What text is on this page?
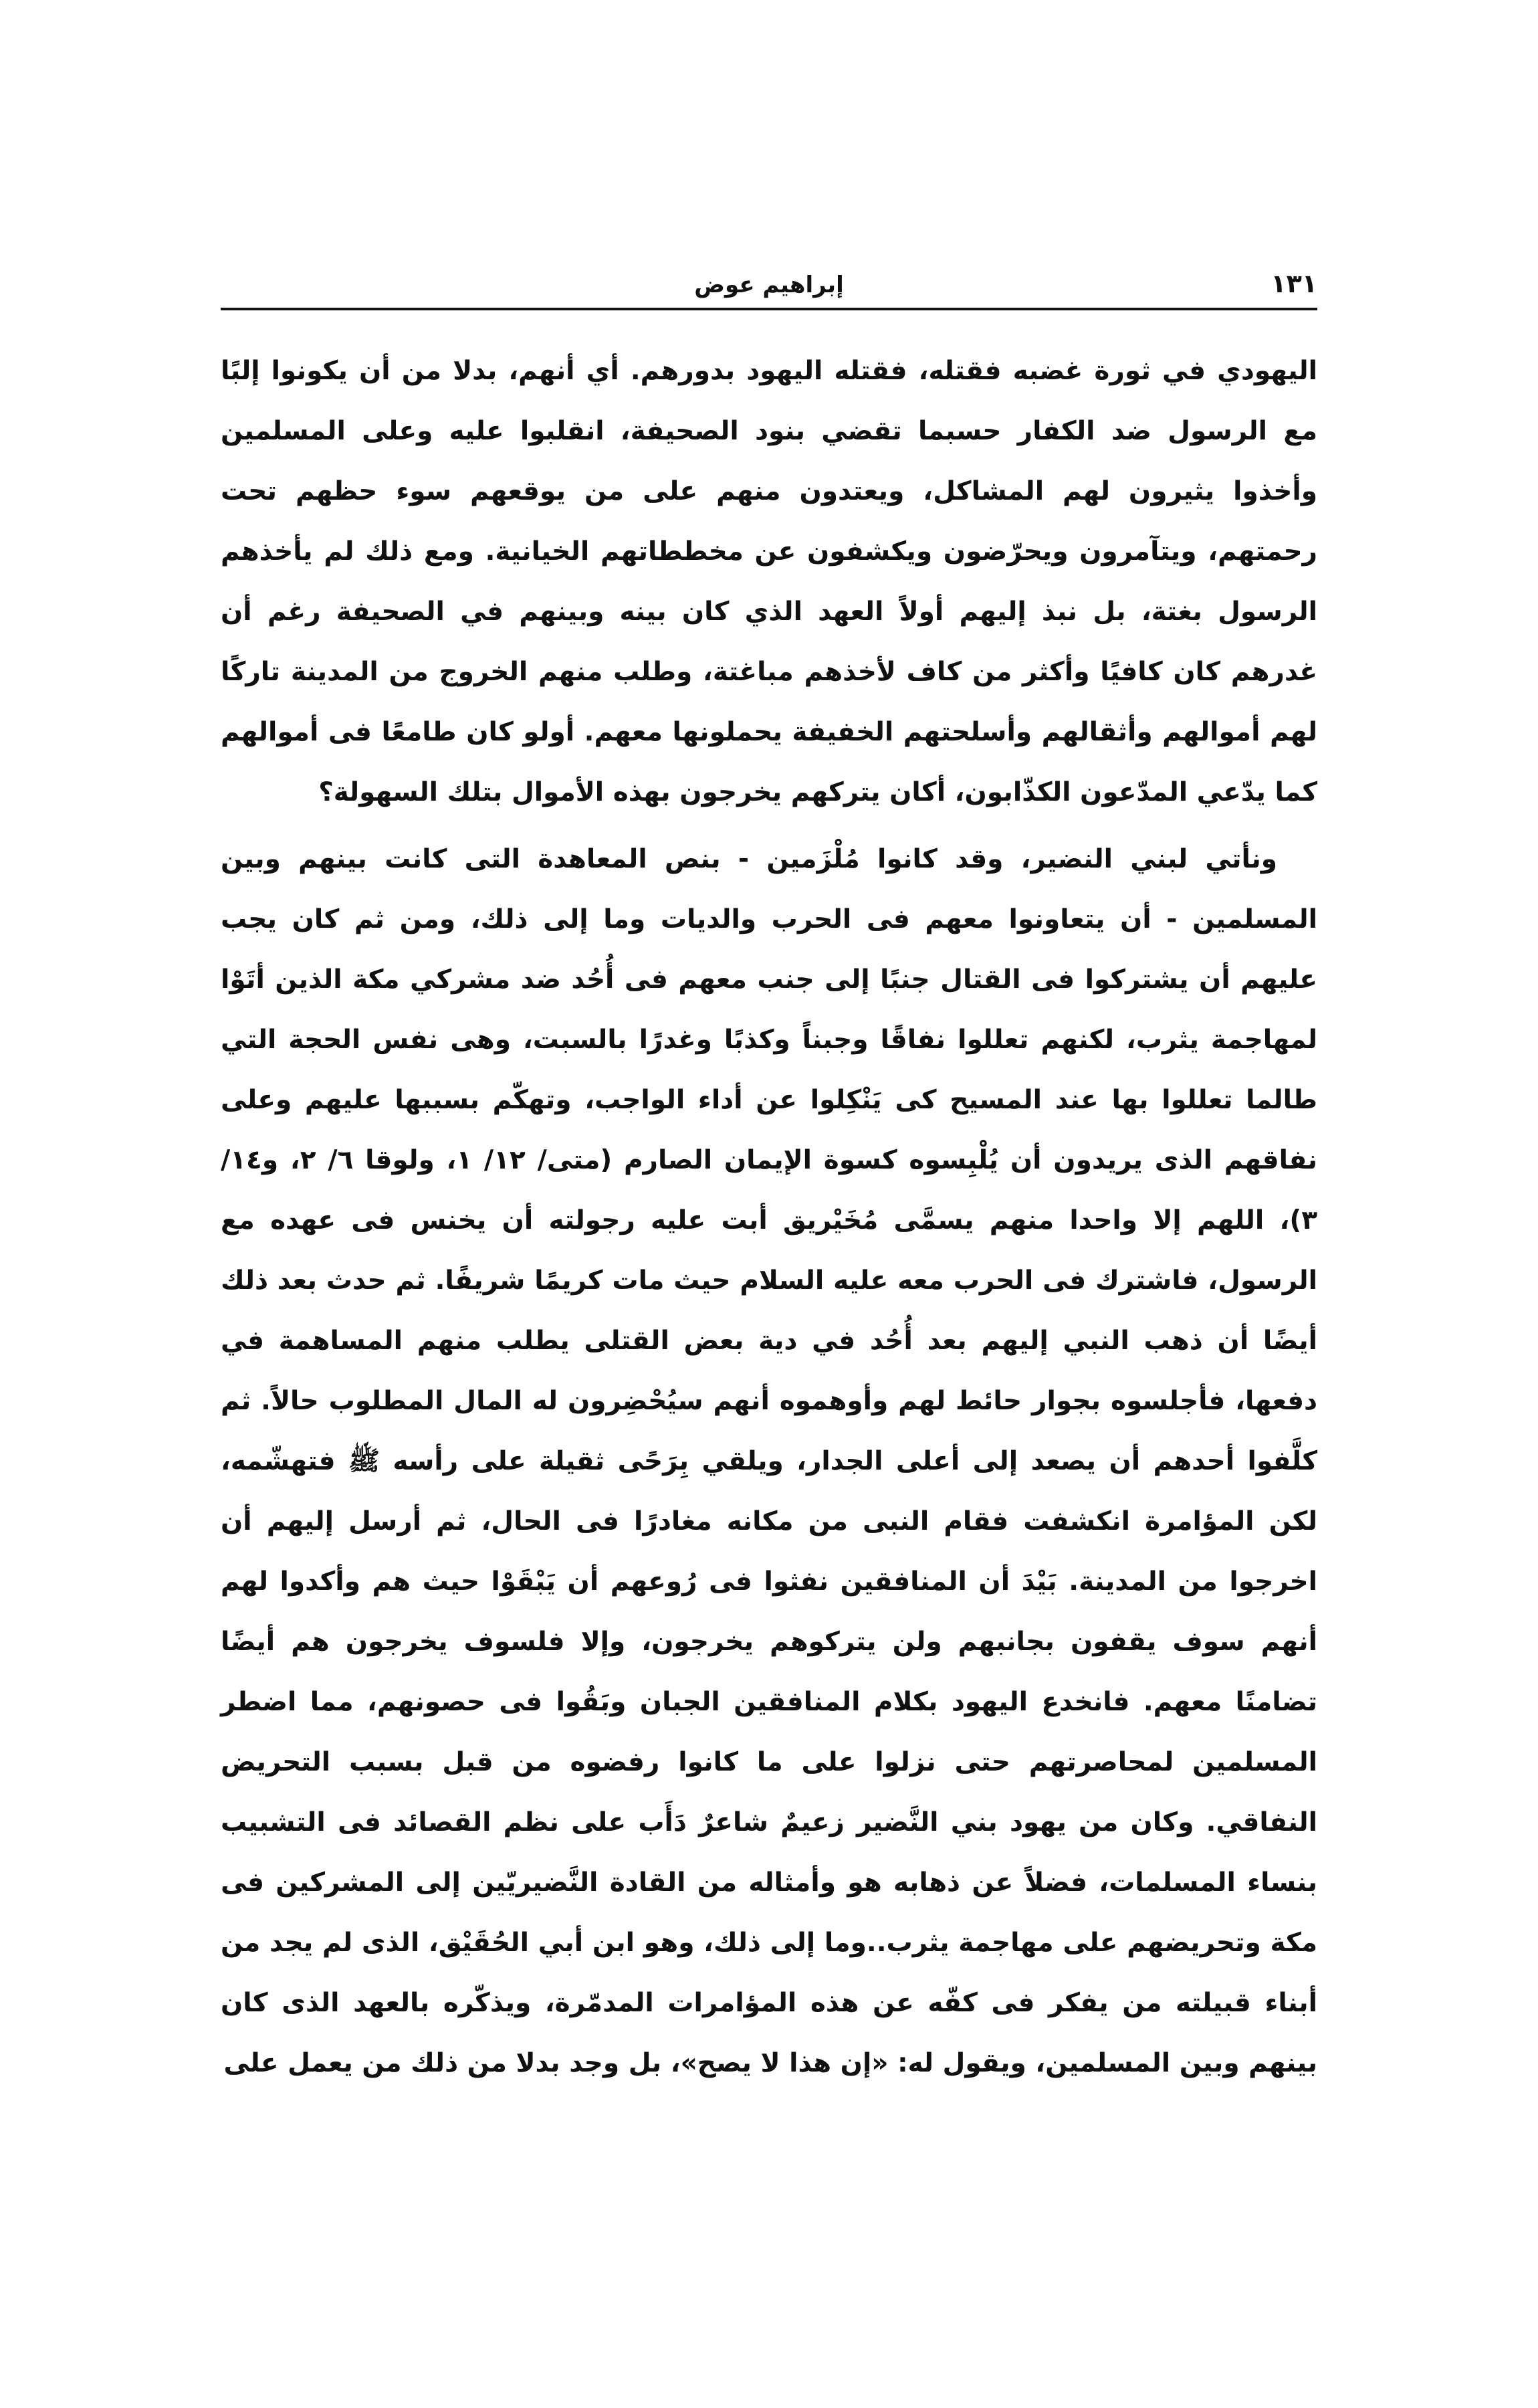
١٣١
إبراهيم عوض

اليهودي في ثورة غضبه فقتله، فقتله اليهود بدورهم. أي أنهم، بدلا من أن يكونوا إلبًا مع الرسول ضد الكفار حسبما تقضي بنود الصحيفة، انقلبوا عليه وعلى المسلمين وأخذوا يثيرون لهم المشاكل، ويعتدون منهم على من يوقعهم سوء حظهم تحت رحمتهم، ويتآمرون ويحرّضون ويكشفون عن مخططاتهم الخيانية. ومع ذلك لم يأخذهم الرسول بغتة، بل نبذ إليهم أولاً العهد الذي كان بينه وبينهم في الصحيفة رغم أن غدرهم كان كافيًا وأكثر من كاف لأخذهم مباغتة، وطلب منهم الخروج من المدينة تاركًا لهم أموالهم وأثقالهم وأسلحتهم الخفيفة يحملونها معهم. أولو كان طامعًا فى أموالهم كما يدّعي المدّعون الكذّابون، أكان يتركهم يخرجون بهذه الأموال بتلك السهولة؟

ونأتي لبني النضير، وقد كانوا مُلْزَمين - بنص المعاهدة التى كانت بينهم وبين المسلمين - أن يتعاونوا معهم فى الحرب والديات وما إلى ذلك، ومن ثم كان يجب عليهم أن يشتركوا فى القتال جنبًا إلى جنب معهم فى أُحُد ضد مشركي مكة الذين أتَوْا لمهاجمة يثرب، لكنهم تعللوا نفاقًا وجبناً وكذبًا وغدرًا بالسبت، وهى نفس الحجة التي طالما تعللوا بها عند المسيح كى يَنْكِلوا عن أداء الواجب، وتهكّم بسببها عليهم وعلى نفاقهم الذى يريدون أن يُلْبِسوه كسوة الإيمان الصارم (متى/ ١٢/ ١، ولوقا ٦/ ٢، و١٤/ ٣)، اللهم إلا واحدا منهم يسمَّى مُخَيْريق أبت عليه رجولته أن يخنس فى عهده مع الرسول، فاشترك فى الحرب معه عليه السلام حيث مات كريمًا شريفًا. ثم حدث بعد ذلك أيضًا أن ذهب النبي إليهم بعد أُحُد في دية بعض القتلى يطلب منهم المساهمة في دفعها، فأجلسوه بجوار حائط لهم وأوهموه أنهم سيُحْضِرون له المال المطلوب حالاً. ثم كلَّفوا أحدهم أن يصعد إلى أعلى الجدار، ويلقي بِرَحًى ثقيلة على رأسه ﷺ فتهشّمه، لكن المؤامرة انكشفت فقام النبى من مكانه مغادرًا فى الحال، ثم أرسل إليهم أن اخرجوا من المدينة. بَيْدَ أن المنافقين نفثوا فى رُوعهم أن يَبْقَوْا حيث هم وأكدوا لهم أنهم سوف يقفون بجانبهم ولن يتركوهم يخرجون، وإلا فلسوف يخرجون هم أيضًا تضامنًا معهم. فانخدع اليهود بكلام المنافقين الجبان وبَقُوا فى حصونهم، مما اضطر المسلمين لمحاصرتهم حتى نزلوا على ما كانوا رفضوه من قبل بسبب التحريض النفاقي. وكان من يهود بني النَّضير زعيمٌ شاعرٌ دَأَب على نظم القصائد فى التشبيب بنساء المسلمات، فضلاً عن ذهابه هو وأمثاله من القادة النَّضيريّين إلى المشركين فى مكة وتحريضهم على مهاجمة يثرب..وما إلى ذلك، وهو ابن أبي الحُقَيْق، الذى لم يجد من أبناء قبيلته من يفكر فى كفّه عن هذه المؤامرات المدمّرة، ويذكّره بالعهد الذى كان بينهم وبين المسلمين، ويقول له: «إن هذا لا يصح»، بل وجد بدلا من ذلك من يعمل على
